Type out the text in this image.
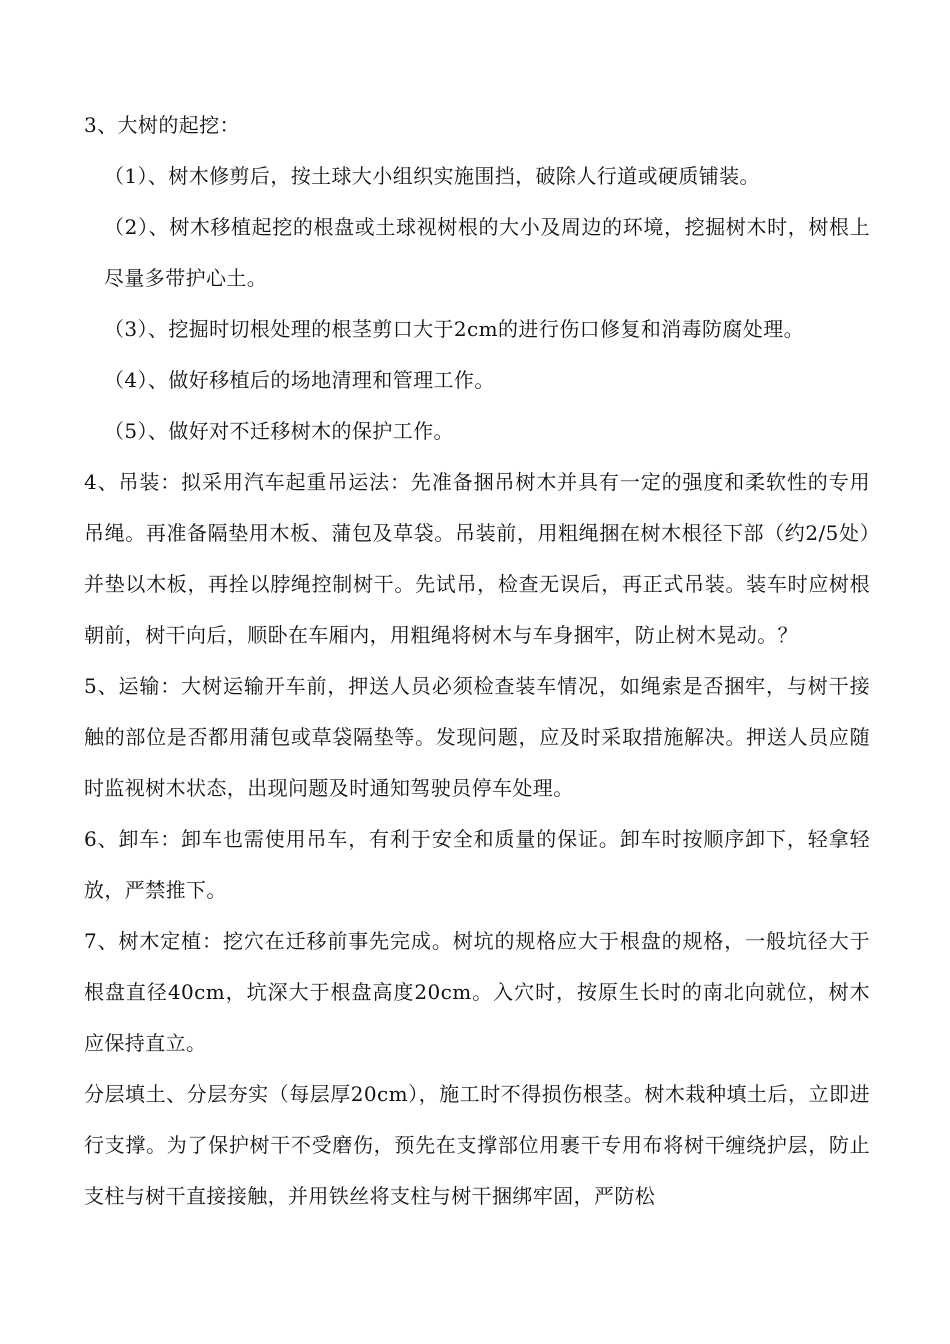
3、大树的起挖：

（1）、树木修剪后，按土球大小组织实施围挡，破除人行道或硬质铺装。

（2）、树木移植起挖的根盘或土球视树根的大小及周边的环境，挖掘树木时，树根上尽量多带护心土。

（3）、挖掘时切根处理的根茎剪口大于2cm的进行伤口修复和消毒防腐处理。

（4）、做好移植后的场地清理和管理工作。

（5）、做好对不迁移树木的保护工作。

4、吊装：拟采用汽车起重吊运法：先准备捆吊树木并具有一定的强度和柔软性的专用吊绳。再准备隔垫用木板、蒲包及草袋。吊装前，用粗绳捆在树木根径下部（约2/5处）并垫以木板，再拴以脖绳控制树干。先试吊，检查无误后，再正式吊装。装车时应树根朝前，树干向后，顺卧在车厢内，用粗绳将树木与车身捆牢，防止树木晃动。？

5、运输：大树运输开车前，押送人员必须检查装车情况，如绳索是否捆牢，与树干接触的部位是否都用蒲包或草袋隔垫等。发现问题，应及时采取措施解决。押送人员应随时监视树木状态，出现问题及时通知驾驶员停车处理。

6、卸车：卸车也需使用吊车，有利于安全和质量的保证。卸车时按顺序卸下，轻拿轻放，严禁推下。

7、树木定植：挖穴在迁移前事先完成。树坑的规格应大于根盘的规格，一般坑径大于根盘直径40cm，坑深大于根盘高度20cm。入穴时，按原生长时的南北向就位，树木应保持直立。

分层填土、分层夯实（每层厚20cm），施工时不得损伤根茎。树木栽种填土后，立即进行支撑。为了保护树干不受磨伤，预先在支撑部位用裹干专用布将树干缠绕护层，防止支柱与树干直接接触，并用铁丝将支柱与树干捆绑牢固，严防松
